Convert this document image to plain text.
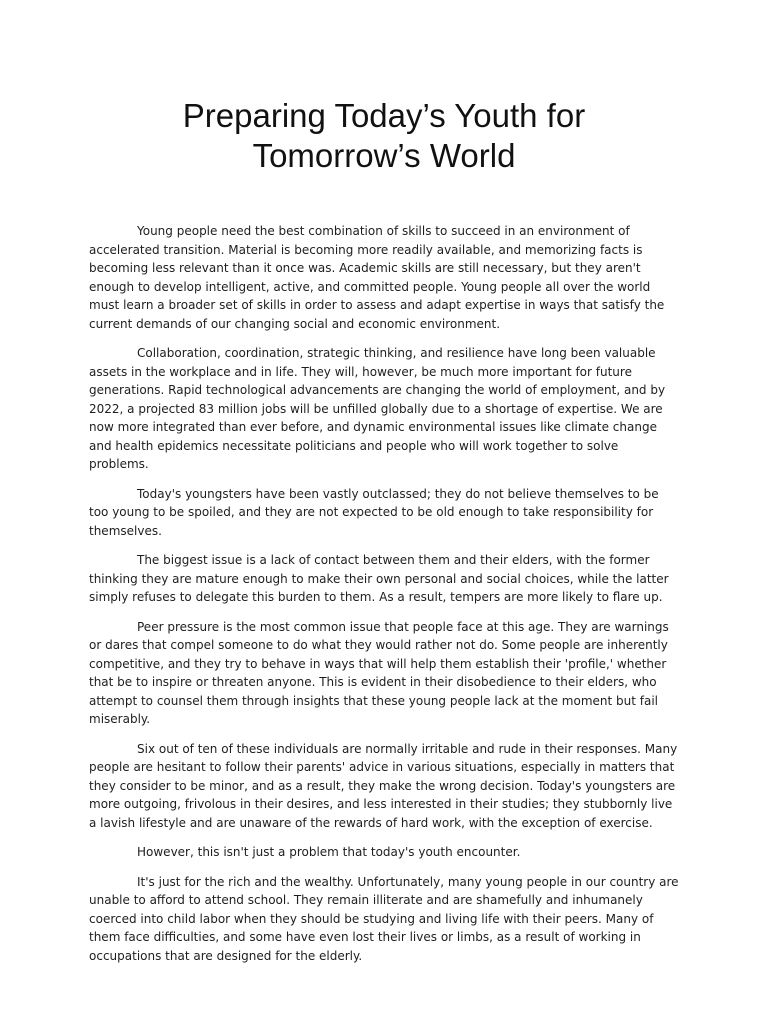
Preparing Today’s Youth for
Tomorrow’s World

Young people need the best combination of skills to succeed in an environment of accelerated transition. Material is becoming more readily available, and memorizing facts is becoming less relevant than it once was. Academic skills are still necessary, but they aren't enough to develop intelligent, active, and committed people. Young people all over the world must learn a broader set of skills in order to assess and adapt expertise in ways that satisfy the current demands of our changing social and economic environment.

Collaboration, coordination, strategic thinking, and resilience have long been valuable assets in the workplace and in life. They will, however, be much more important for future generations. Rapid technological advancements are changing the world of employment, and by 2022, a projected 83 million jobs will be unfilled globally due to a shortage of expertise. We are now more integrated than ever before, and dynamic environmental issues like climate change and health epidemics necessitate politicians and people who will work together to solve problems.

Today's youngsters have been vastly outclassed; they do not believe themselves to be too young to be spoiled, and they are not expected to be old enough to take responsibility for themselves.

The biggest issue is a lack of contact between them and their elders, with the former thinking they are mature enough to make their own personal and social choices, while the latter simply refuses to delegate this burden to them. As a result, tempers are more likely to flare up.

Peer pressure is the most common issue that people face at this age. They are warnings or dares that compel someone to do what they would rather not do. Some people are inherently competitive, and they try to behave in ways that will help them establish their 'profile,' whether that be to inspire or threaten anyone. This is evident in their disobedience to their elders, who attempt to counsel them through insights that these young people lack at the moment but fail miserably.

Six out of ten of these individuals are normally irritable and rude in their responses. Many people are hesitant to follow their parents' advice in various situations, especially in matters that they consider to be minor, and as a result, they make the wrong decision. Today's youngsters are more outgoing, frivolous in their desires, and less interested in their studies; they stubbornly live a lavish lifestyle and are unaware of the rewards of hard work, with the exception of exercise.

However, this isn't just a problem that today's youth encounter.

It's just for the rich and the wealthy. Unfortunately, many young people in our country are unable to afford to attend school. They remain illiterate and are shamefully and inhumanely coerced into child labor when they should be studying and living life with their peers. Many of them face difficulties, and some have even lost their lives or limbs, as a result of working in occupations that are designed for the elderly.
